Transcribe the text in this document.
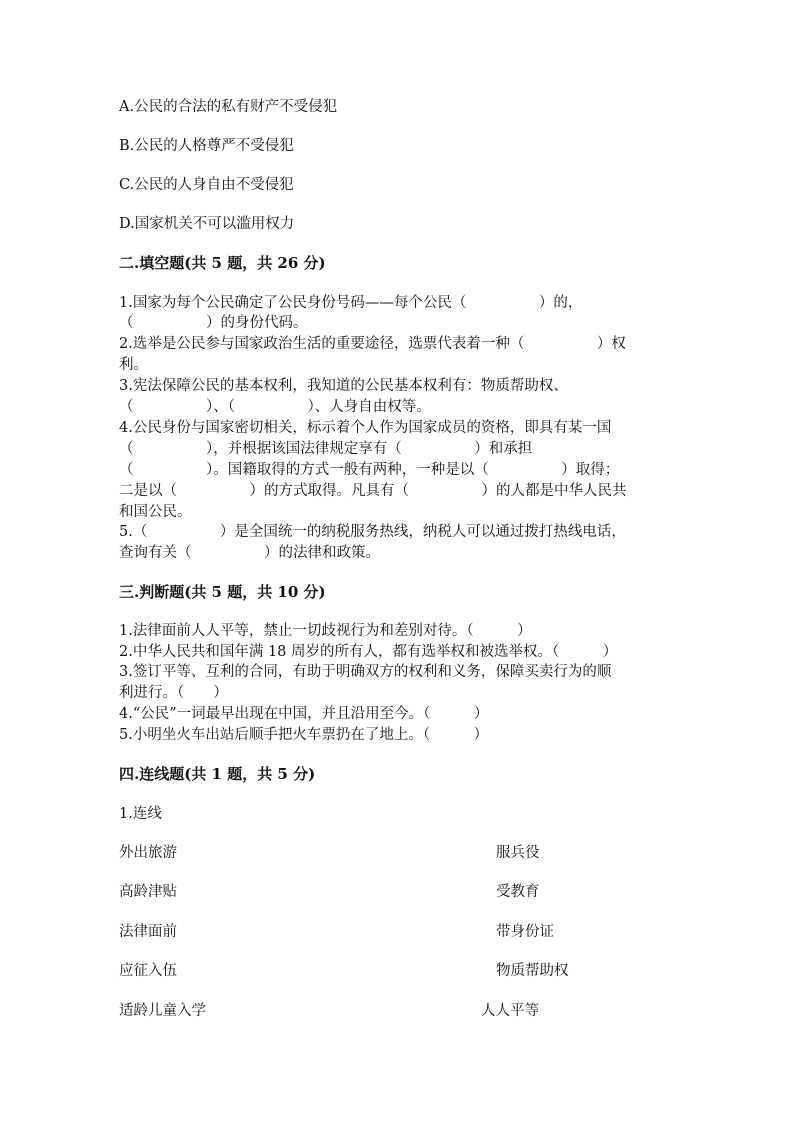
A.公民的合法的私有财产不受侵犯
B.公民的人格尊严不受侵犯
C.公民的人身自由不受侵犯
D.国家机关不可以滥用权力
二.填空题(共 5 题，共 26 分)
1.国家为每个公民确定了公民身份号码——每个公民（　　　　　）的，
（　　　　　）的身份代码。
2.选举是公民参与国家政治生活的重要途径，选票代表着一种（　　　　　）权
利。
3.宪法保障公民的基本权利，我知道的公民基本权利有：物质帮助权、
（　　　　　）、（　　　　　）、人身自由权等。
4.公民身份与国家密切相关，标示着个人作为国家成员的资格，即具有某一国
（　　　　　），并根据该国法律规定享有（　　　　　）和承担
（　　　　　）。国籍取得的方式一般有两种，一种是以（　　　　　）取得；
二是以（　　　　　）的方式取得。凡具有（　　　　　）的人都是中华人民共
和国公民。
5.（　　　　　）是全国统一的纳税服务热线，纳税人可以通过拨打热线电话，
查询有关（　　　　　）的法律和政策。
三.判断题(共 5 题，共 10 分)
1.法律面前人人平等，禁止一切歧视行为和差别对待。（　　　）
2.中华人民共和国年满 18 周岁的所有人，都有选举权和被选举权。（　　　）
3.签订平等、互利的合同，有助于明确双方的权利和义务，保障买卖行为的顺
利进行。（　　）
4.“公民”一词最早出现在中国，并且沿用至今。（　　　）
5.小明坐火车出站后顺手把火车票扔在了地上。（　　　）
四.连线题(共 1 题，共 5 分)
1.连线
外出旅游
高龄津贴
法律面前
应征入伍
适龄儿童入学
服兵役
受教育
带身份证
物质帮助权
人人平等
